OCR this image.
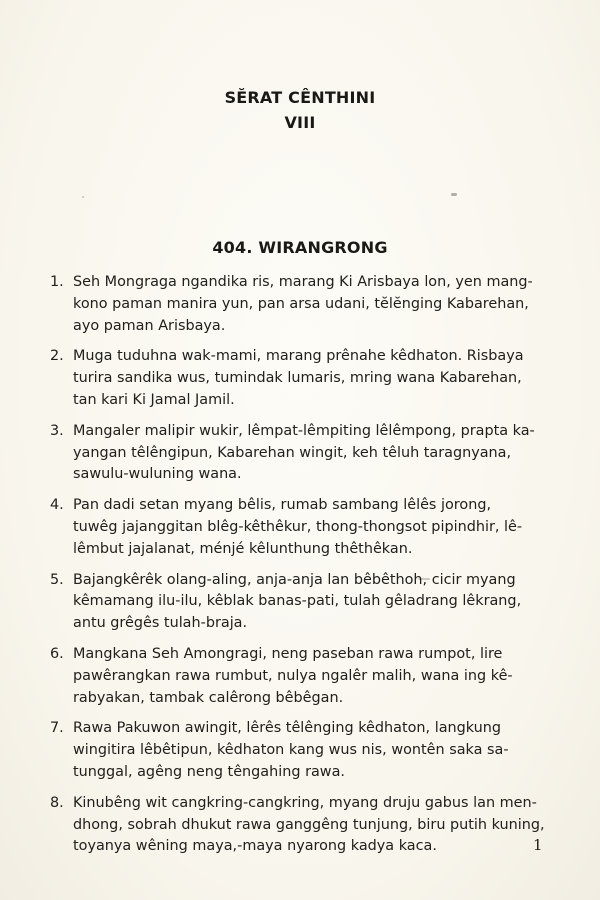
SĔRAT CÊNTHINI
VIII
404. WIRANGRONG
1. Seh Mongraga ngandika ris, marang Ki Arisbaya lon, yen mang-
kono paman manira yun, pan arsa udani, tĕlĕnging Kabarehan,
ayo paman Arisbaya.
2. Muga tuduhna wak-mami, marang prênahe kêdhaton. Risbaya
turira sandika wus, tumindak lumaris, mring wana Kabarehan,
tan kari Ki Jamal Jamil.
3. Mangaler malipir wukir, lêmpat-lêmpiting lêlêmpong, prapta ka-
yangan têlêngipun, Kabarehan wingit, keh têluh taragnyana,
sawulu-wuluning wana.
4. Pan dadi setan myang bêlis, rumab sambang lêlês jorong,
tuwêg jajanggitan blêg-kêthêkur, thong-thongsot pipindhir, lê-
lêmbut jajalanat, ménjé kêlunthung thêthêkan.
5. Bajangkêrêk olang-aling, anja-anja lan bêbêthoh, cicir myang
kêmamang ilu-ilu, kêblak banas-pati, tulah gêladrang lêkrang,
antu grêgês tulah-braja.
6. Mangkana Seh Amongragi, neng paseban rawa rumpot, lire
pawêrangkan rawa rumbut, nulya ngalêr malih, wana ing kê-
rabyakan, tambak calêrong bêbêgan.
7. Rawa Pakuwon awingit, lêrês têlênging kêdhaton, langkung
wingitira lêbêtipun, kêdhaton kang wus nis, wontên saka sa-
tunggal, agêng neng têngahing rawa.
8. Kinubêng wit cangkring-cangkring, myang druju gabus lan men-
dhong, sobrah dhukut rawa ganggêng tunjung, biru putih kuning,
toyanya wêning maya,-maya nyarong kadya kaca.	1
